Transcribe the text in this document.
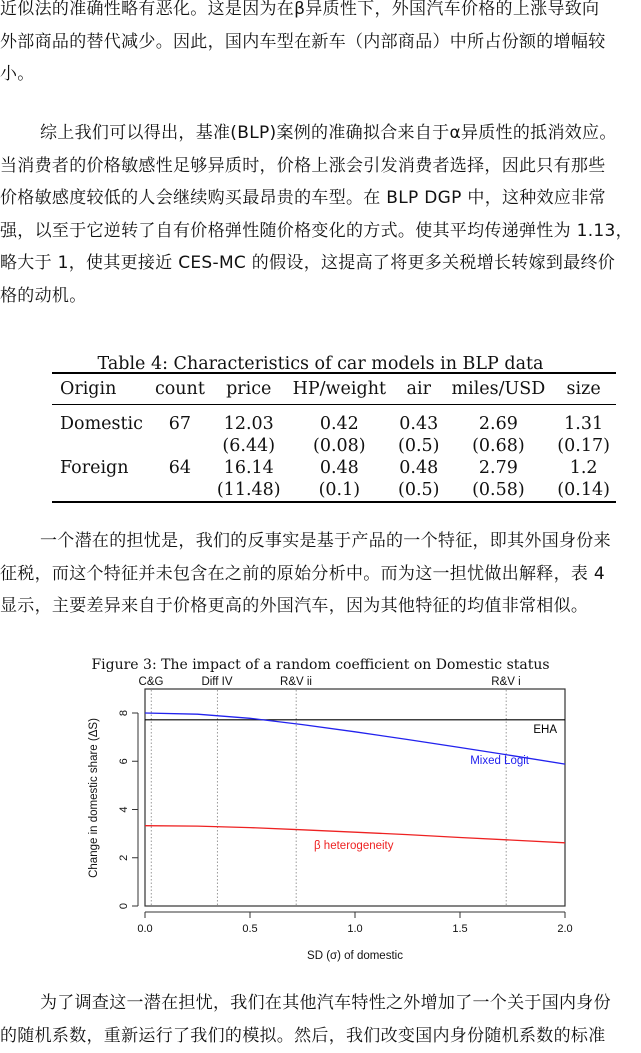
近似法的准确性略有恶化。这是因为在β异质性下，外国汽车价格的上涨导致向
外部商品的替代减少。因此，国内车型在新车（内部商品）中所占份额的增幅较
小。
综上我们可以得出，基准(BLP)案例的准确拟合来自于α异质性的抵消效应。
当消费者的价格敏感性足够异质时，价格上涨会引发消费者选择，因此只有那些
价格敏感度较低的人会继续购买最昂贵的车型。在 BLP DGP 中，这种效应非常
强，以至于它逆转了自有价格弹性随价格变化的方式。使其平均传递弹性为 1.13，
略大于 1，使其更接近 CES-MC 的假设，这提高了将更多关税增长转嫁到最终价
格的动机。
Table 4: Characteristics of car models in BLP data
Origin	count	price	HP/weight	air	miles/USD	size
Domestic	67	12.03	0.42	0.43	2.69	1.31
		(6.44)	(0.08)	(0.5)	(0.68)	(0.17)
Foreign	64	16.14	0.48	0.48	2.79	1.2
		(11.48)	(0.1)	(0.5)	(0.58)	(0.14)
一个潜在的担忧是，我们的反事实是基于产品的一个特征，即其外国身份来
征税，而这个特征并未包含在之前的原始分析中。而为这一担忧做出解释，表 4
显示，主要差异来自于价格更高的外国汽车，因为其他特征的均值非常相似。
Figure 3: The impact of a random coefficient on Domestic status
C&G	Diff IV	R&V ii	R&V i
EHA
Mixed Logit
β heterogeneity
0
2
4
6
8
0.0	0.5	1.0	1.5	2.0
SD (σ) of domestic
Change in domestic share (ΔS)
为了调查这一潜在担忧，我们在其他汽车特性之外增加了一个关于国内身份
的随机系数，重新运行了我们的模拟。然后，我们改变国内身份随机系数的标准
